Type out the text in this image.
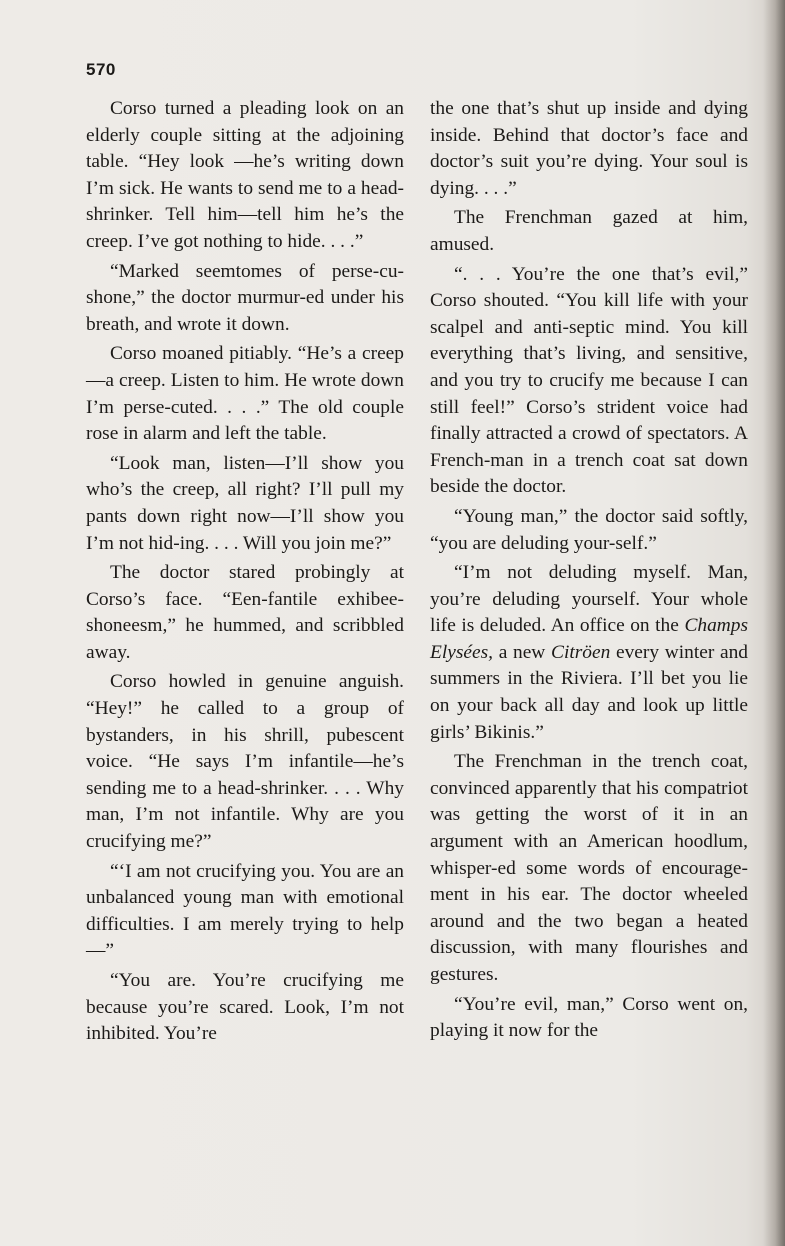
570

Corso turned a pleading look on an elderly couple sitting at the adjoining table. “Hey look —he’s writing down I’m sick. He wants to send me to a head-shrinker. Tell him—tell him he’s the creep. I’ve got nothing to hide. . . .”

“Marked seemtomes of perse-cu-shone,” the doctor murmur-ed under his breath, and wrote it down.

Corso moaned pitiably. “He’s a creep—a creep. Listen to him. He wrote down I’m perse-cuted. . . .” The old couple rose in alarm and left the table.

“Look man, listen—I’ll show you who’s the creep, all right? I’ll pull my pants down right now—I’ll show you I’m not hid-ing. . . . Will you join me?”

The doctor stared probingly at Corso’s face. “Een-fantile exhibee-shoneesm,” he hummed, and scribbled away.

Corso howled in genuine anguish. “Hey!” he called to a group of bystanders, in his shrill, pubescent voice. “He says I’m infantile—he’s sending me to a head-shrinker. . . . Why man, I’m not infantile. Why are you crucifying me?”

“‘I am not crucifying you. You are an unbalanced young man with emotional difficulties. I am merely trying to help—”

“You are. You’re crucifying me because you’re scared. Look, I’m not inhibited. You’re

the one that’s shut up inside and dying inside. Behind that doctor’s face and doctor’s suit you’re dying. Your soul is dying. . . .”

The Frenchman gazed at him, amused.

“. . . You’re the one that’s evil,” Corso shouted. “You kill life with your scalpel and anti-septic mind. You kill everything that’s living, and sensitive, and you try to crucify me because I can still feel!” Corso’s strident voice had finally attracted a crowd of spectators. A French-man in a trench coat sat down beside the doctor.

“Young man,” the doctor said softly, “you are deluding your-self.”

“I’m not deluding myself. Man, you’re deluding yourself. Your whole life is deluded. An office on the Champs Elysées, a new Citröen every winter and summers in the Riviera. I’ll bet you lie on your back all day and look up little girls’ Bikinis.”

The Frenchman in the trench coat, convinced apparently that his compatriot was getting the worst of it in an argument with an American hoodlum, whisper-ed some words of encourage-ment in his ear. The doctor wheeled around and the two began a heated discussion, with many flourishes and gestures.

“You’re evil, man,” Corso went on, playing it now for the
